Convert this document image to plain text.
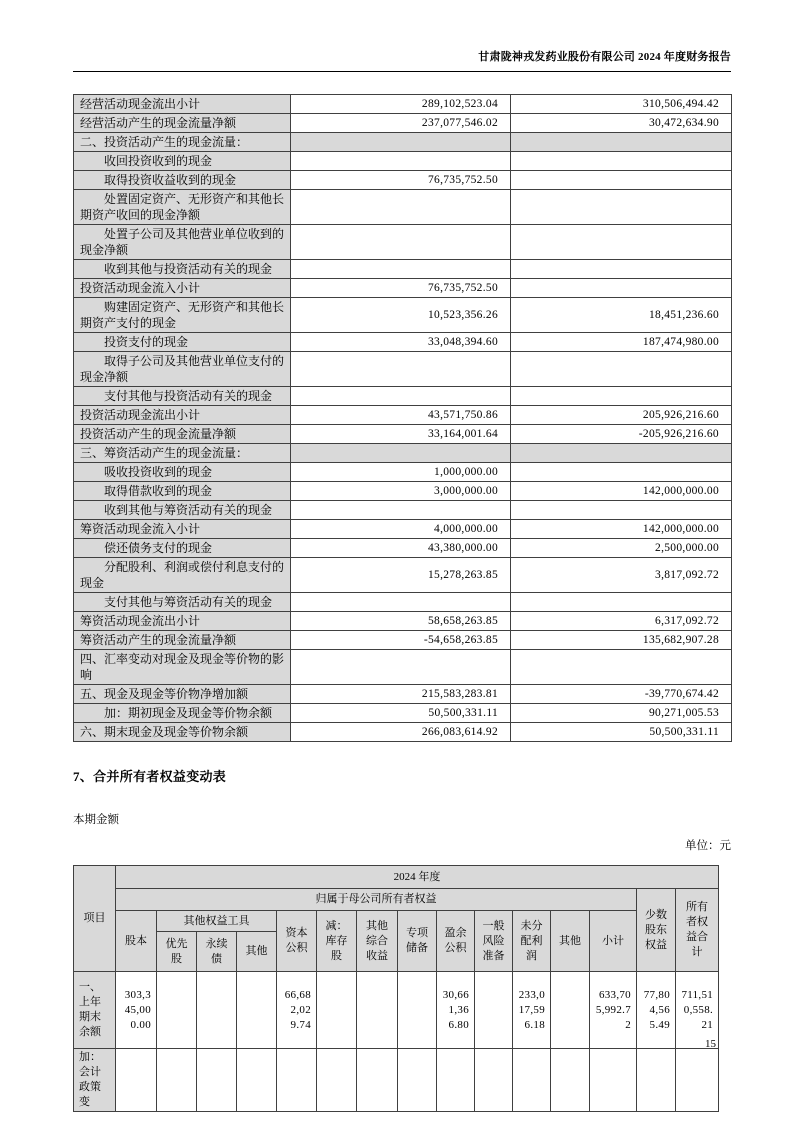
甘肃陇神戎发药业股份有限公司 2024 年度财务报告
经营活动现金流出小计	289,102,523.04	310,506,494.42
经营活动产生的现金流量净额	237,077,546.02	30,472,634.90
二、投资活动产生的现金流量：		
收回投资收到的现金		
取得投资收益收到的现金	76,735,752.50	
处置固定资产、无形资产和其他长期资产收回的现金净额		
处置子公司及其他营业单位收到的现金净额		
收到其他与投资活动有关的现金		
投资活动现金流入小计	76,735,752.50	
购建固定资产、无形资产和其他长期资产支付的现金	10,523,356.26	18,451,236.60
投资支付的现金	33,048,394.60	187,474,980.00
取得子公司及其他营业单位支付的现金净额		
支付其他与投资活动有关的现金		
投资活动现金流出小计	43,571,750.86	205,926,216.60
投资活动产生的现金流量净额	33,164,001.64	-205,926,216.60
三、筹资活动产生的现金流量：		
吸收投资收到的现金	1,000,000.00	
取得借款收到的现金	3,000,000.00	142,000,000.00
收到其他与筹资活动有关的现金		
筹资活动现金流入小计	4,000,000.00	142,000,000.00
偿还债务支付的现金	43,380,000.00	2,500,000.00
分配股利、利润或偿付利息支付的现金	15,278,263.85	3,817,092.72
支付其他与筹资活动有关的现金		
筹资活动现金流出小计	58,658,263.85	6,317,092.72
筹资活动产生的现金流量净额	-54,658,263.85	135,682,907.28
四、汇率变动对现金及现金等价物的影响		
五、现金及现金等价物净增加额	215,583,283.81	-39,770,674.42
加：期初现金及现金等价物余额	50,500,331.11	90,271,005.53
六、期末现金及现金等价物余额	266,083,614.92	50,500,331.11
7、合并所有者权益变动表
本期金额
单位：元
项目	2024 年度														
	归属于母公司所有者权益													少数股东权益	所有者权益合计
	股本	其他权益工具			资本公积	减：库存股	其他综合收益	专项储备	盈余公积	一般风险准备	未分配利润	其他	小计		
		优先股	永续债	其他											
一、上年期末余额	303,345,000.00				66,682,029.74				30,661,366.80		233,017,596.18		633,705,992.72	77,804,565.49	711,510,558.21
加：会计政策变															
15
